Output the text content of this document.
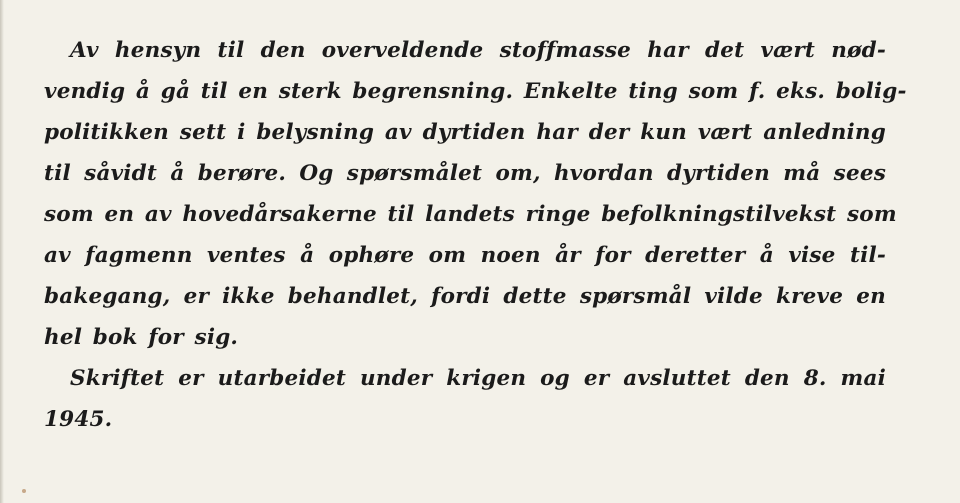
Av hensyn til den overveldende stoffmasse har det vært nød-
vendig å gå til en sterk begrensning. Enkelte ting som f. eks. bolig-
politikken sett i belysning av dyrtiden har der kun vært anledning
til såvidt å berøre. Og spørsmålet om, hvordan dyrtiden må sees
som en av hovedårsakerne til landets ringe befolkningstilvekst som
av fagmenn ventes å ophøre om noen år for deretter å vise til-
bakegang, er ikke behandlet, fordi dette spørsmål vilde kreve en
hel bok for sig.
Skriftet er utarbeidet under krigen og er avsluttet den 8. mai
1945.
